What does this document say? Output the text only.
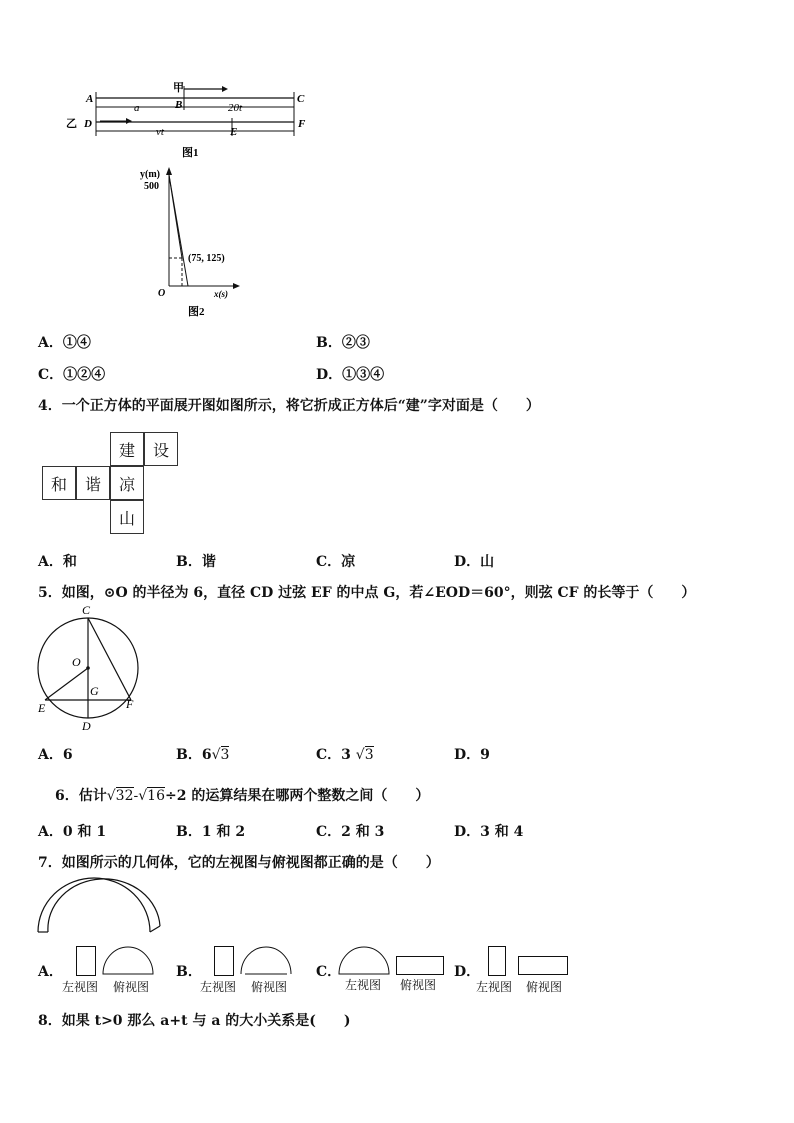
甲
A	B	C
D
E
F
乙
a	20t
vt
图1
y(m)
500
(75, 125)
O	x(s)
图2
A．①④	B．②③
C．①②④	D．①③④
4．一个正方体的平面展开图如图所示，将它折成正方体后“建”字对面是（　　）
建	设
和	谐	凉
山
A．和	B．谐	C．凉	D．山
5．如图，⊙O 的半径为 6，直径 CD 过弦 EF 的中点 G，若∠EOD＝60°，则弦 CF 的长等于（　　）
C
O
G
E	F
D
A．6	B．6√3	C．3 √3	D．9
6．估计√32-√16÷2 的运算结果在哪两个整数之间（　　）
A．0 和 1	B．1 和 2	C．2 和 3	D．3 和 4
7．如图所示的几何体，它的左视图与俯视图都正确的是（　　）
A．
左视图 俯视图
B．
左视图 俯视图
C．
左视图 俯视图
D．
左视图 俯视图
8．如果 t>0 那么 a+t 与 a 的大小关系是(　　)
